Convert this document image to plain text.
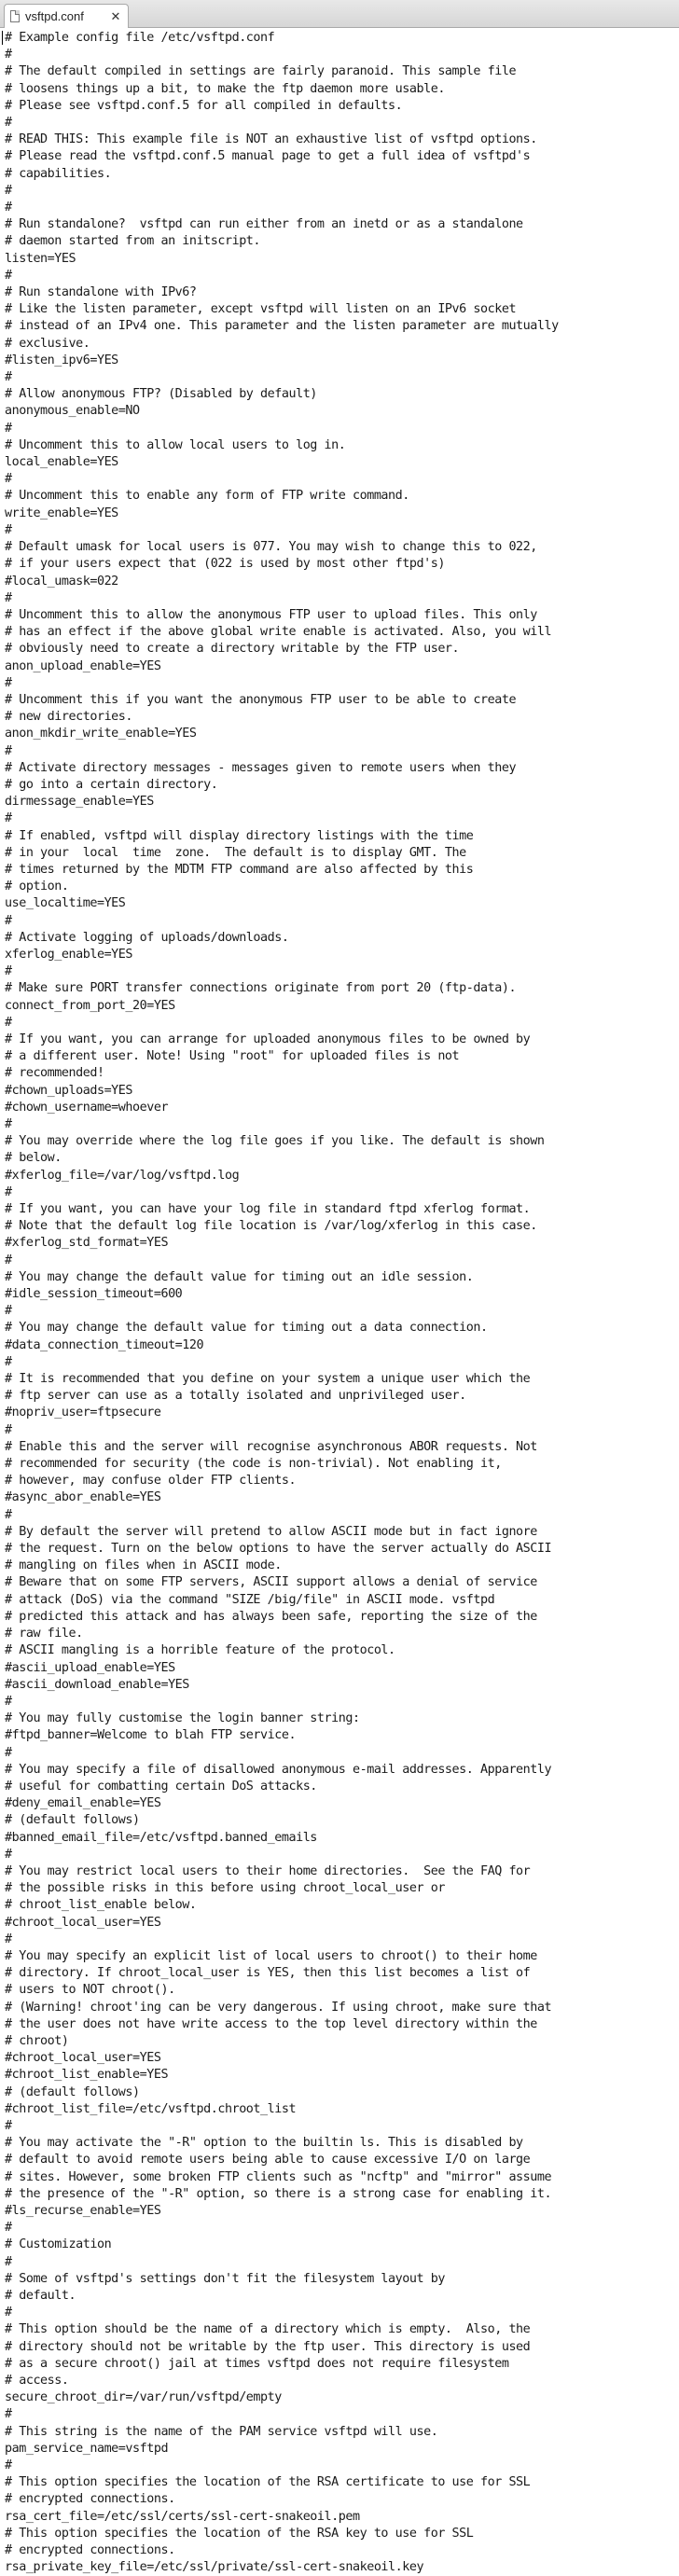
vsftpd.conf	✕
# Example config file /etc/vsftpd.conf
#
# The default compiled in settings are fairly paranoid. This sample file
# loosens things up a bit, to make the ftp daemon more usable.
# Please see vsftpd.conf.5 for all compiled in defaults.
#
# READ THIS: This example file is NOT an exhaustive list of vsftpd options.
# Please read the vsftpd.conf.5 manual page to get a full idea of vsftpd's
# capabilities.
#
#
# Run standalone?  vsftpd can run either from an inetd or as a standalone
# daemon started from an initscript.
listen=YES
#
# Run standalone with IPv6?
# Like the listen parameter, except vsftpd will listen on an IPv6 socket
# instead of an IPv4 one. This parameter and the listen parameter are mutually
# exclusive.
#listen_ipv6=YES
#
# Allow anonymous FTP? (Disabled by default)
anonymous_enable=NO
#
# Uncomment this to allow local users to log in.
local_enable=YES
#
# Uncomment this to enable any form of FTP write command.
write_enable=YES
#
# Default umask for local users is 077. You may wish to change this to 022,
# if your users expect that (022 is used by most other ftpd's)
#local_umask=022
#
# Uncomment this to allow the anonymous FTP user to upload files. This only
# has an effect if the above global write enable is activated. Also, you will
# obviously need to create a directory writable by the FTP user.
anon_upload_enable=YES
#
# Uncomment this if you want the anonymous FTP user to be able to create
# new directories.
anon_mkdir_write_enable=YES
#
# Activate directory messages - messages given to remote users when they
# go into a certain directory.
dirmessage_enable=YES
#
# If enabled, vsftpd will display directory listings with the time
# in your  local  time  zone.  The default is to display GMT. The
# times returned by the MDTM FTP command are also affected by this
# option.
use_localtime=YES
#
# Activate logging of uploads/downloads.
xferlog_enable=YES
#
# Make sure PORT transfer connections originate from port 20 (ftp-data).
connect_from_port_20=YES
#
# If you want, you can arrange for uploaded anonymous files to be owned by
# a different user. Note! Using "root" for uploaded files is not
# recommended!
#chown_uploads=YES
#chown_username=whoever
#
# You may override where the log file goes if you like. The default is shown
# below.
#xferlog_file=/var/log/vsftpd.log
#
# If you want, you can have your log file in standard ftpd xferlog format.
# Note that the default log file location is /var/log/xferlog in this case.
#xferlog_std_format=YES
#
# You may change the default value for timing out an idle session.
#idle_session_timeout=600
#
# You may change the default value for timing out a data connection.
#data_connection_timeout=120
#
# It is recommended that you define on your system a unique user which the
# ftp server can use as a totally isolated and unprivileged user.
#nopriv_user=ftpsecure
#
# Enable this and the server will recognise asynchronous ABOR requests. Not
# recommended for security (the code is non-trivial). Not enabling it,
# however, may confuse older FTP clients.
#async_abor_enable=YES
#
# By default the server will pretend to allow ASCII mode but in fact ignore
# the request. Turn on the below options to have the server actually do ASCII
# mangling on files when in ASCII mode.
# Beware that on some FTP servers, ASCII support allows a denial of service
# attack (DoS) via the command "SIZE /big/file" in ASCII mode. vsftpd
# predicted this attack and has always been safe, reporting the size of the
# raw file.
# ASCII mangling is a horrible feature of the protocol.
#ascii_upload_enable=YES
#ascii_download_enable=YES
#
# You may fully customise the login banner string:
#ftpd_banner=Welcome to blah FTP service.
#
# You may specify a file of disallowed anonymous e-mail addresses. Apparently
# useful for combatting certain DoS attacks.
#deny_email_enable=YES
# (default follows)
#banned_email_file=/etc/vsftpd.banned_emails
#
# You may restrict local users to their home directories.  See the FAQ for
# the possible risks in this before using chroot_local_user or
# chroot_list_enable below.
#chroot_local_user=YES
#
# You may specify an explicit list of local users to chroot() to their home
# directory. If chroot_local_user is YES, then this list becomes a list of
# users to NOT chroot().
# (Warning! chroot'ing can be very dangerous. If using chroot, make sure that
# the user does not have write access to the top level directory within the
# chroot)
#chroot_local_user=YES
#chroot_list_enable=YES
# (default follows)
#chroot_list_file=/etc/vsftpd.chroot_list
#
# You may activate the "-R" option to the builtin ls. This is disabled by
# default to avoid remote users being able to cause excessive I/O on large
# sites. However, some broken FTP clients such as "ncftp" and "mirror" assume
# the presence of the "-R" option, so there is a strong case for enabling it.
#ls_recurse_enable=YES
#
# Customization
#
# Some of vsftpd's settings don't fit the filesystem layout by
# default.
#
# This option should be the name of a directory which is empty.  Also, the
# directory should not be writable by the ftp user. This directory is used
# as a secure chroot() jail at times vsftpd does not require filesystem
# access.
secure_chroot_dir=/var/run/vsftpd/empty
#
# This string is the name of the PAM service vsftpd will use.
pam_service_name=vsftpd
#
# This option specifies the location of the RSA certificate to use for SSL
# encrypted connections.
rsa_cert_file=/etc/ssl/certs/ssl-cert-snakeoil.pem
# This option specifies the location of the RSA key to use for SSL
# encrypted connections.
rsa_private_key_file=/etc/ssl/private/ssl-cert-snakeoil.key
